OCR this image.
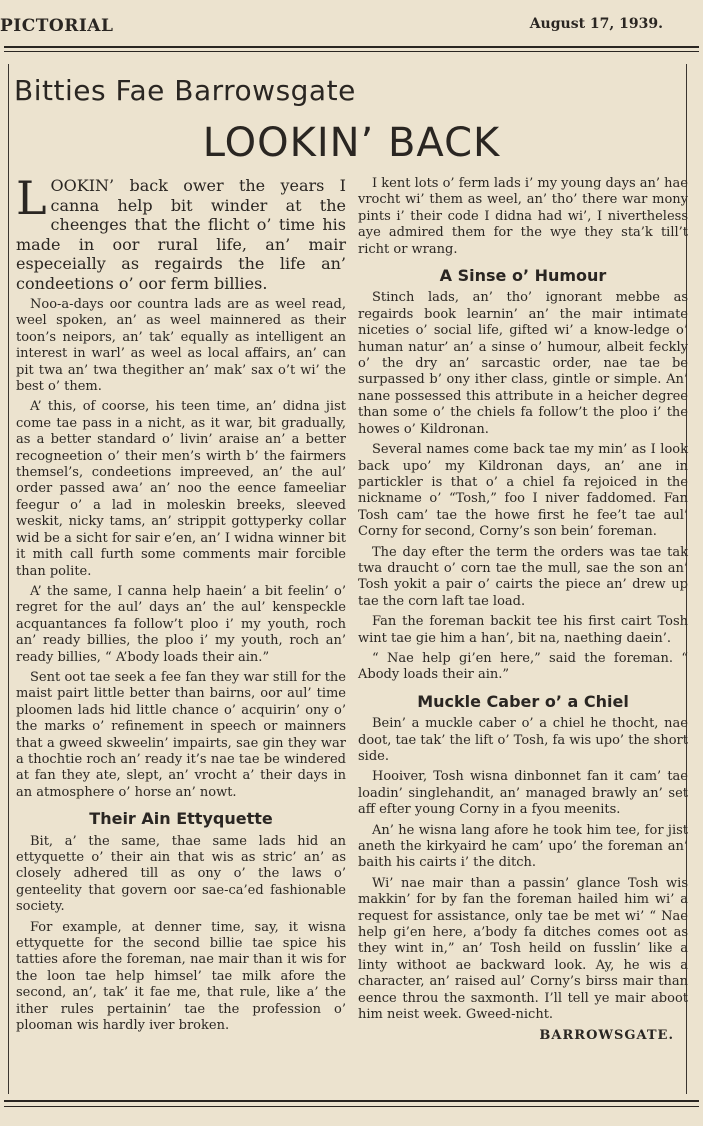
PICTORIAL	August 17, 1939.
Bitties Fae Barrowsgate
LOOKIN’ BACK

LOOKIN’ back ower the years I canna help bit winder at the cheenges that the flicht o’ time his made in oor rural life, an’ mair especeially as regairds the life an’ condeetions o’ oor ferm billies.

Noo-a-days oor countra lads are as weel read, weel spoken, an’ as weel mainnered as their toon’s neipors, an’ tak’ equally as intelligent an interest in warl’ as weel as local affairs, an’ can pit twa an’ twa thegither an’ mak’ sax o’t wi’ the best o’ them.

A’ this, of coorse, his teen time, an’ didna jist come tae pass in a nicht, as it war, bit gradually, as a better standard o’ livin’ araise an’ a better recogneetion o’ their men’s wirth b’ the fairmers themsel’s, condeetions impreeved, an’ the aul’ order passed awa’ an’ noo the eence fameeliar feegur o’ a lad in moleskin breeks, sleeved weskit, nicky tams, an’ strippit gottyperky collar wid be a sicht for sair e’en, an’ I widna winner bit it mith call furth some comments mair forcible than polite.

A’ the same, I canna help haein’ a bit feelin’ o’ regret for the aul’ days an’ the aul’ kenspeckle acquantances fa follow’t ploo i’ my youth, roch an’ ready billies, the ploo i’ my youth, roch an’ ready billies, “ A’body loads their ain.”

Sent oot tae seek a fee fan they war still for the maist pairt little better than bairns, oor aul’ time ploomen lads hid little chance o’ acquirin’ ony o’ the marks o’ refinement in speech or mainners that a gweed skweelin’ impairts, sae gin they war a thochtie roch an’ ready it’s nae tae be windered at fan they ate, slept, an’ vrocht a’ their days in an atmosphere o’ horse an’ nowt.

Their Ain Ettyquette

Bit, a’ the same, thae same lads hid an ettyquette o’ their ain that wis as stric’ an’ as closely adhered till as ony o’ the laws o’ genteelity that govern oor sae-ca’ed fashionable society.

For example, at denner time, say, it wisna ettyquette for the second billie tae spice his tatties afore the foreman, nae mair than it wis for the loon tae help himsel’ tae milk afore the second, an’, tak’ it fae me, that rule, like a’ the ither rules pertainin’ tae the profession o’ plooman wis hardly iver broken.

I kent lots o’ ferm lads i’ my young days an’ hae vrocht wi’ them as weel, an’ tho’ there war mony pints i’ their code I didna had wi’, I nivertheless aye admired them for the wye they sta’k till’t richt or wrang.

A Sinse o’ Humour

Stinch lads, an’ tho’ ignorant mebbe as regairds book learnin’ an’ the mair intimate niceties o’ social life, gifted wi’ a know-ledge o’ human natur’ an’ a sinse o’ humour, albeit feckly o’ the dry an’ sarcastic order, nae tae be surpassed b’ ony ither class, gintle or simple. An’ nane possessed this attribute in a heicher degree than some o’ the chiels fa follow’t the ploo i’ the howes o’ Kildronan.

Several names come back tae my min’ as I look back upo’ my Kildronan days, an’ ane in partickler is that o’ a chiel fa rejoiced in the nickname o’ “Tosh,” foo I niver faddomed. Fan Tosh cam’ tae the howe first he fee’t tae aul’ Corny for second, Corny’s son bein’ foreman.

The day efter the term the orders was tae tak twa draucht o’ corn tae the mull, sae the son an’ Tosh yokit a pair o’ cairts the piece an’ drew up tae the corn laft tae load.

Fan the foreman backit tee his first cairt Tosh wint tae gie him a han’, bit na, naething daein’.

“ Nae help gi’en here,” said the foreman. “ Abody loads their ain.”

Muckle Caber o’ a Chiel

Bein’ a muckle caber o’ a chiel he thocht, nae doot, tae tak’ the lift o’ Tosh, fa wis upo’ the short side.

Hooiver, Tosh wisna dinbonnet fan it cam’ tae loadin’ singlehandit, an’ managed brawly an’ set aff efter young Corny in a fyou meenits.

An’ he wisna lang afore he took him tee, for jist aneth the kirkyaird he cam’ upo’ the foreman an’ baith his cairts i’ the ditch.

Wi’ nae mair than a passin’ glance Tosh wis makkin’ for by fan the foreman hailed him wi’ a request for assistance, only tae be met wi’ “ Nae help gi’en here, a’body fa ditches comes oot as they wint in,” an’ Tosh heild on fusslin’ like a linty withoot ae backward look. Ay, he wis a character, an’ raised aul’ Corny’s birss mair than eence throu the saxmonth. I’ll tell ye mair aboot him neist week. Gweed-nicht.

BARROWSGATE.
